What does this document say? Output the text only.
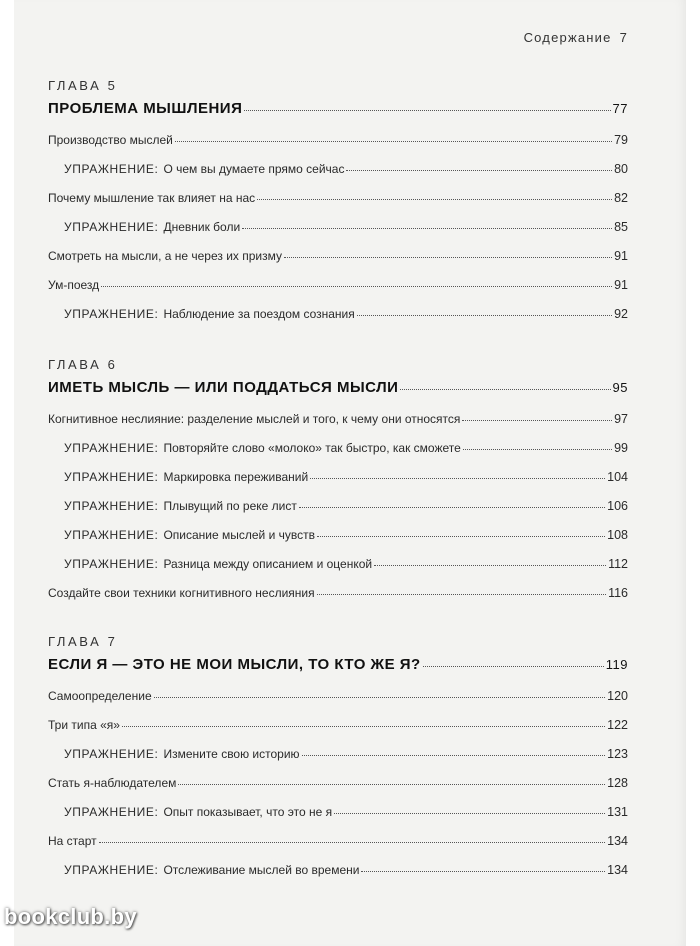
Содержание 7
ГЛАВА 5
ПРОБЛЕМА МЫШЛЕНИЯ	77
Производство мыслей	79
УПРАЖНЕНИЕ: О чем вы думаете прямо сейчас	80
Почему мышление так влияет на нас	82
УПРАЖНЕНИЕ: Дневник боли	85
Смотреть на мысли, а не через их призму	91
Ум-поезд	91
УПРАЖНЕНИЕ: Наблюдение за поездом сознания	92
ГЛАВА 6
ИМЕТЬ МЫСЛЬ — ИЛИ ПОДДАТЬСЯ МЫСЛИ	95
Когнитивное неслияние: разделение мыслей и того, к чему они относятся	97
УПРАЖНЕНИЕ: Повторяйте слово «молоко» так быстро, как сможете	99
УПРАЖНЕНИЕ: Маркировка переживаний	104
УПРАЖНЕНИЕ: Плывущий по реке лист	106
УПРАЖНЕНИЕ: Описание мыслей и чувств	108
УПРАЖНЕНИЕ: Разница между описанием и оценкой	112
Создайте свои техники когнитивного неслияния	116
ГЛАВА 7
ЕСЛИ Я — ЭТО НЕ МОИ МЫСЛИ, ТО КТО ЖЕ Я?	119
Самоопределение	120
Три типа «я»	122
УПРАЖНЕНИЕ: Измените свою историю	123
Стать я-наблюдателем	128
УПРАЖНЕНИЕ: Опыт показывает, что это не я	131
На старт	134
УПРАЖНЕНИЕ: Отслеживание мыслей во времени	134
bookclub.by
